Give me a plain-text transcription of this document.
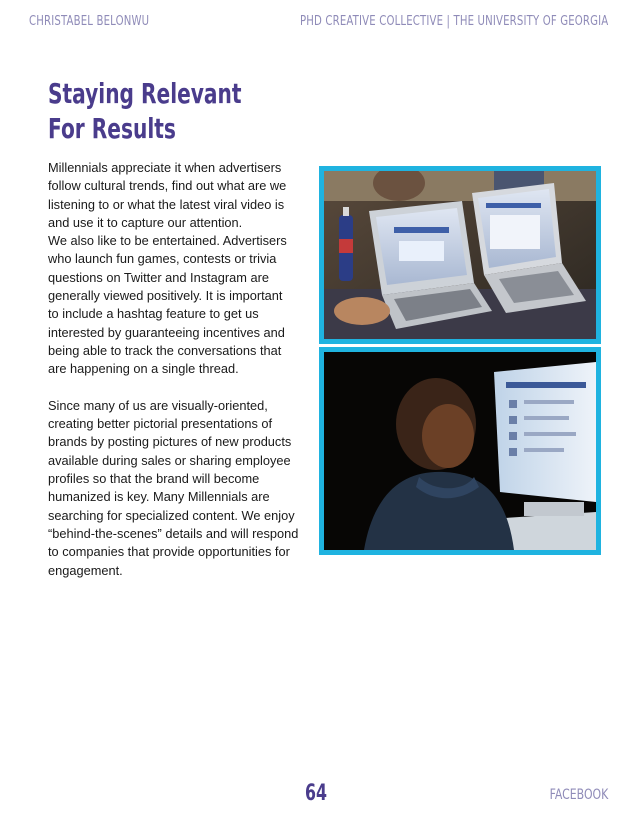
CHRISTABEL BELONWU	PHD CREATIVE COLLECTIVE | THE UNIVERSITY OF GEORGIA
Staying Relevant
For Results
Millennials appreciate it when advertisers
follow cultural trends, find out what are we
listening to or what the latest viral video is
and use it to capture our attention.
We also like to be entertained. Advertisers
who launch fun games, contests or trivia
questions on Twitter and Instagram are
generally viewed positively. It is important
to include a hashtag feature to get us
interested by guaranteeing incentives and
being able to track the conversations that
are happening on a single thread.
Since many of us are visually-oriented,
creating better pictorial presentations of
brands by posting pictures of new products
available during sales or sharing employee
profiles so that the brand will become
humanized is key. Many Millennials are
searching for specialized content. We enjoy
“behind-the-scenes” details and will respond
to companies that provide opportunities for
engagement.
64	FACEBOOK
